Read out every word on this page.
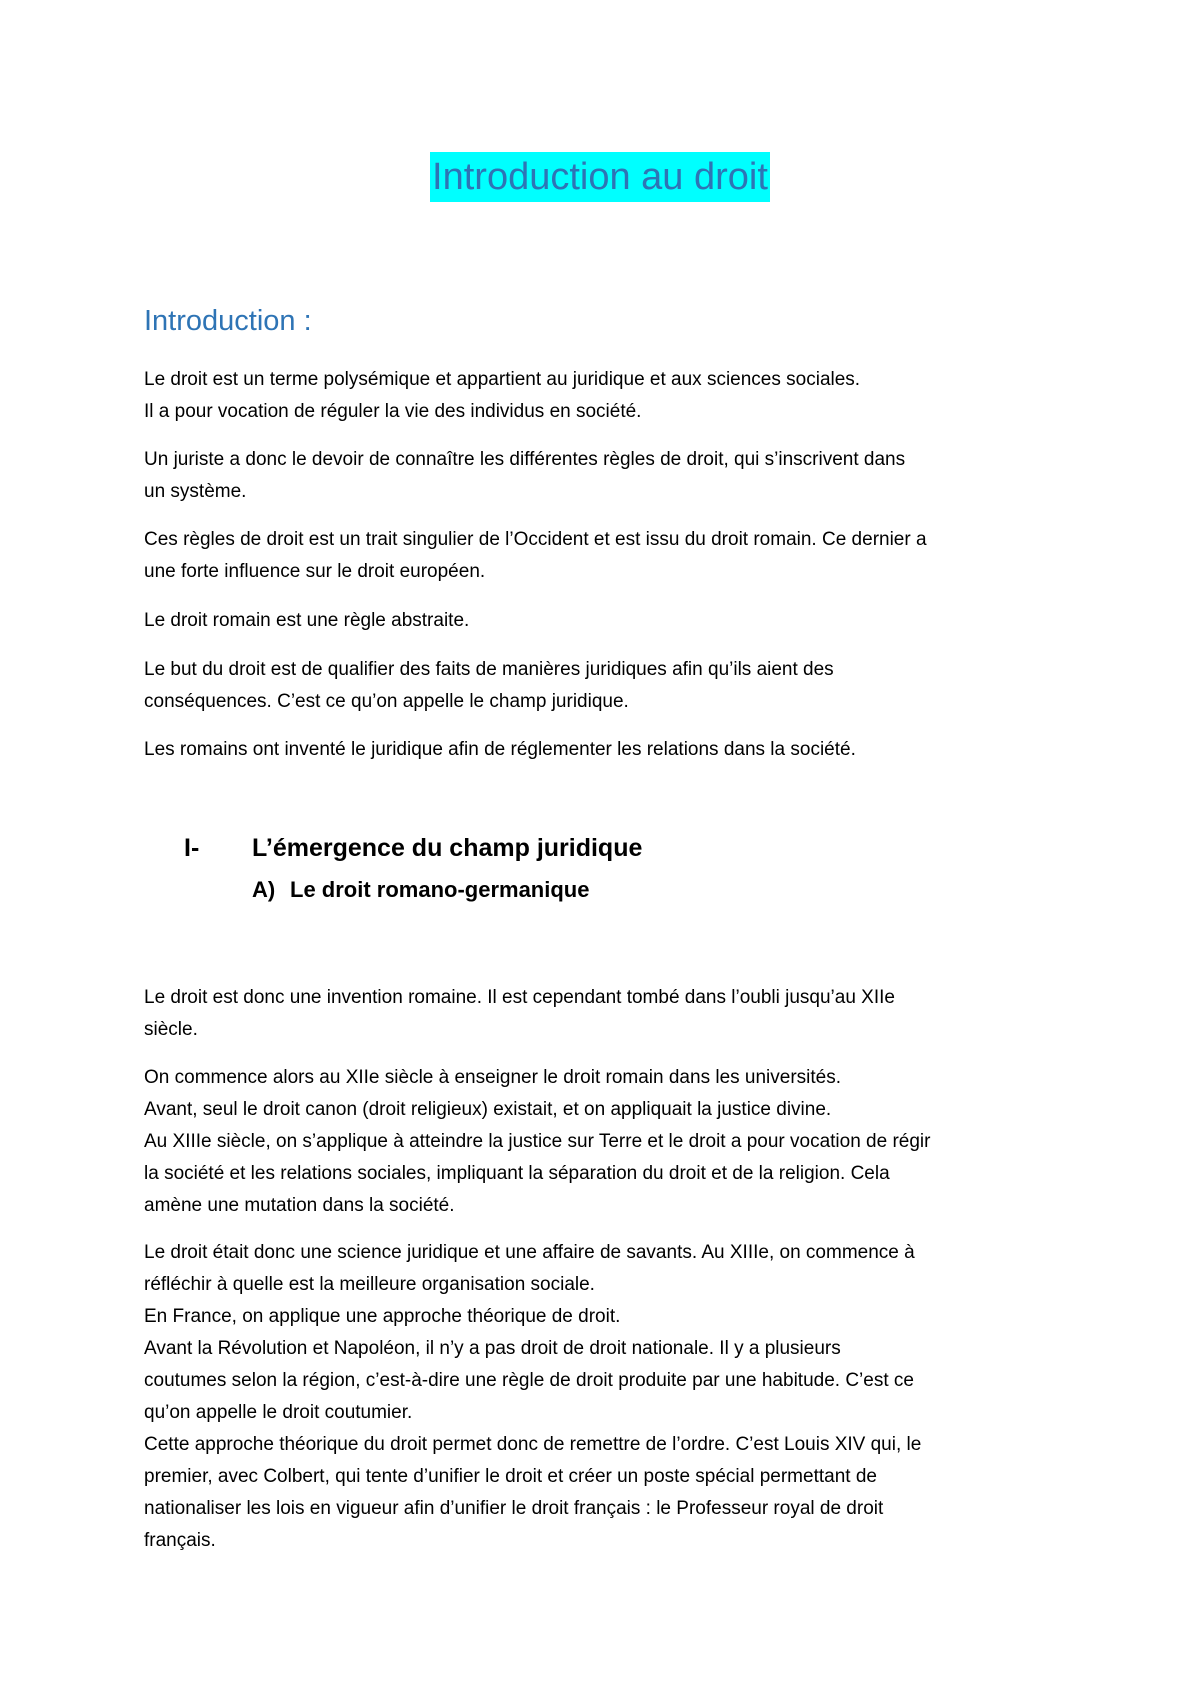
Introduction au droit
Introduction :

Le droit est un terme polysémique et appartient au juridique et aux sciences sociales.

Il a pour vocation de réguler la vie des individus en société.

Un juriste a donc le devoir de connaître les différentes règles de droit, qui s’inscrivent dans

un système.

Ces règles de droit est un trait singulier de l’Occident et est issu du droit romain. Ce dernier a

une forte influence sur le droit européen.

Le droit romain est une règle abstraite.

Le but du droit est de qualifier des faits de manières juridiques afin qu’ils aient des

conséquences. C’est ce qu’on appelle le champ juridique.

Les romains ont inventé le juridique afin de réglementer les relations dans la société.

I- L’émergence du champ juridique
A) Le droit romano-germanique

Le droit est donc une invention romaine. Il est cependant tombé dans l’oubli jusqu’au XIIe

siècle.

On commence alors au XIIe siècle à enseigner le droit romain dans les universités.

Avant, seul le droit canon (droit religieux) existait, et on appliquait la justice divine.

Au XIIIe siècle, on s’applique à atteindre la justice sur Terre et le droit a pour vocation de régir

la société et les relations sociales, impliquant la séparation du droit et de la religion. Cela

amène une mutation dans la société.

Le droit était donc une science juridique et une affaire de savants. Au XIIIe, on commence à

réfléchir à quelle est la meilleure organisation sociale.

En France, on applique une approche théorique de droit.

Avant la Révolution et Napoléon, il n’y a pas droit de droit nationale. Il y a plusieurs

coutumes selon la région, c’est-à-dire une règle de droit produite par une habitude. C’est ce

qu’on appelle le droit coutumier.

Cette approche théorique du droit permet donc de remettre de l’ordre. C’est Louis XIV qui, le

premier, avec Colbert, qui tente d’unifier le droit et créer un poste spécial permettant de

nationaliser les lois en vigueur afin d’unifier le droit français : le Professeur royal de droit

français.
